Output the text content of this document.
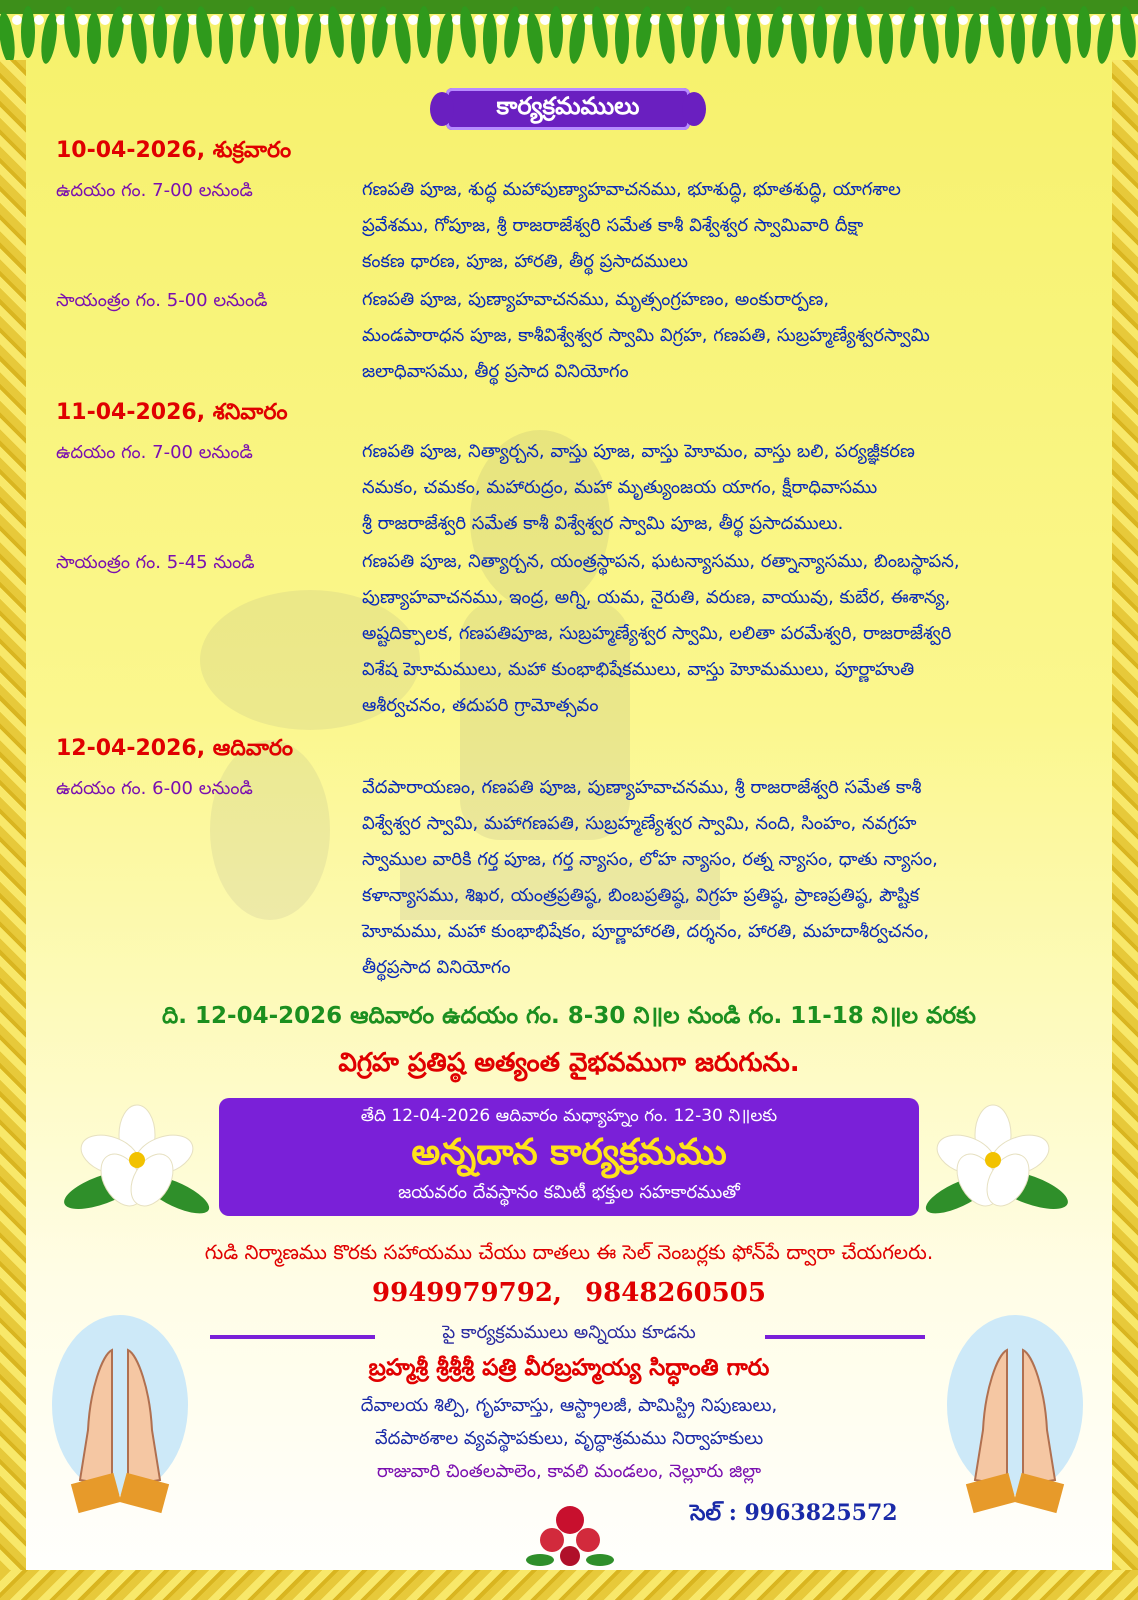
కార్యక్రమములు
10-04-2026, శుక్రవారం
ఉదయం గం. 7-00 లనుండి	గణపతి పూజ, శుద్ధ మహాపుణ్యాహవాచనము, భూశుద్ధి, భూతశుద్ధి, యాగశాల
ప్రవేశము, గోపూజ, శ్రీ రాజరాజేశ్వరి సమేత కాశీ విశ్వేశ్వర స్వామివారి దీక్షా
కంకణ ధారణ, పూజ, హారతి, తీర్థ ప్రసాదములు
సాయంత్రం గం. 5-00 లనుండి	గణపతి పూజ, పుణ్యాహవాచనము, మృత్సంగ్రహణం, అంకురార్పణ,
మండపారాధన పూజ, కాశీవిశ్వేశ్వర స్వామి విగ్రహ, గణపతి, సుబ్రహ్మణ్యేశ్వరస్వామి
జలాధివాసము, తీర్థ ప్రసాద వినియోగం
11-04-2026, శనివారం
ఉదయం గం. 7-00 లనుండి	గణపతి పూజ, నిత్యార్చన, వాస్తు పూజ, వాస్తు హెూమం, వాస్తు బలి, పర్యజ్ఞీకరణ
నమకం, చమకం, మహారుద్రం, మహా మృత్యుంజయ యాగం, క్షీరాధివాసము
శ్రీ రాజరాజేశ్వరి సమేత కాశీ విశ్వేశ్వర స్వామి పూజ, తీర్థ ప్రసాదములు.
సాయంత్రం గం. 5-45 నుండి	గణపతి పూజ, నిత్యార్చన, యంత్రస్థాపన, ఘటన్యాసము, రత్నాన్యాసము, బింబస్థాపన,
పుణ్యాహవాచనము, ఇంద్ర, అగ్ని, యమ, నైరుతి, వరుణ, వాయువు, కుబేర, ఈశాన్య,
అష్టదిక్పాలక, గణపతిపూజ, సుబ్రహ్మణ్యేశ్వర స్వామి, లలితా పరమేశ్వరి, రాజరాజేశ్వరి
విశేష హెూమములు, మహా కుంభాభిషేకములు, వాస్తు హెూమములు, పూర్ణాహుతి
ఆశీర్వచనం, తదుపరి గ్రామోత్సవం
12-04-2026, ఆదివారం
ఉదయం గం. 6-00 లనుండి	వేదపారాయణం, గణపతి పూజ, పుణ్యాహవాచనము, శ్రీ రాజరాజేశ్వరి సమేత కాశీ
విశ్వేశ్వర స్వామి, మహాగణపతి, సుబ్రహ్మణ్యేశ్వర స్వామి, నంది, సింహం, నవగ్రహ
స్వాముల వారికి గర్త పూజ, గర్త న్యాసం, లోహ న్యాసం, రత్న న్యాసం, ధాతు న్యాసం,
కళాన్యాసము, శిఖర, యంత్రప్రతిష్ఠ, బింబప్రతిష్ఠ, విగ్రహ ప్రతిష్ఠ, ప్రాణప్రతిష్ఠ, పౌష్టిక
హెూమము, మహా కుంభాభిషేకం, పూర్ణాహారతి, దర్శనం, హారతి, మహదాశీర్వచనం,
తీర్థప్రసాద వినియోగం
ది. 12-04-2026 ఆదివారం ఉదయం గం. 8-30 ని॥ల నుండి గం. 11-18 ని॥ల వరకు
విగ్రహ ప్రతిష్ఠ అత్యంత వైభవముగా జరుగును.
తేది 12-04-2026 ఆదివారం మధ్యాహ్నం గం. 12-30 ని॥లకు
అన్నదాన కార్యక్రమము
జయవరం దేవస్థానం కమిటీ భక్తుల సహకారముతో
గుడి నిర్మాణము కొరకు సహాయము చేయు దాతలు ఈ సెల్ నెంబర్లకు ఫోన్‌పే ద్వారా చేయగలరు.
9949979792, 9848260505
పై కార్యక్రమములు అన్నియు కూడను
బ్రహ్మశ్రీ శ్రీశ్రీశ్రీ పత్రి వీరబ్రహ్మయ్య సిద్ధాంతి గారు
దేవాలయ శిల్పి, గృహవాస్తు, ఆస్ట్రాలజీ, పామిస్ట్రి నిపుణులు,
వేదపాఠశాల వ్యవస్థాపకులు, వృద్ధాశ్రమము నిర్వాహకులు
రాజువారి చింతలపాలెం, కావలి మండలం, నెల్లూరు జిల్లా
సెల్ : 9963825572
